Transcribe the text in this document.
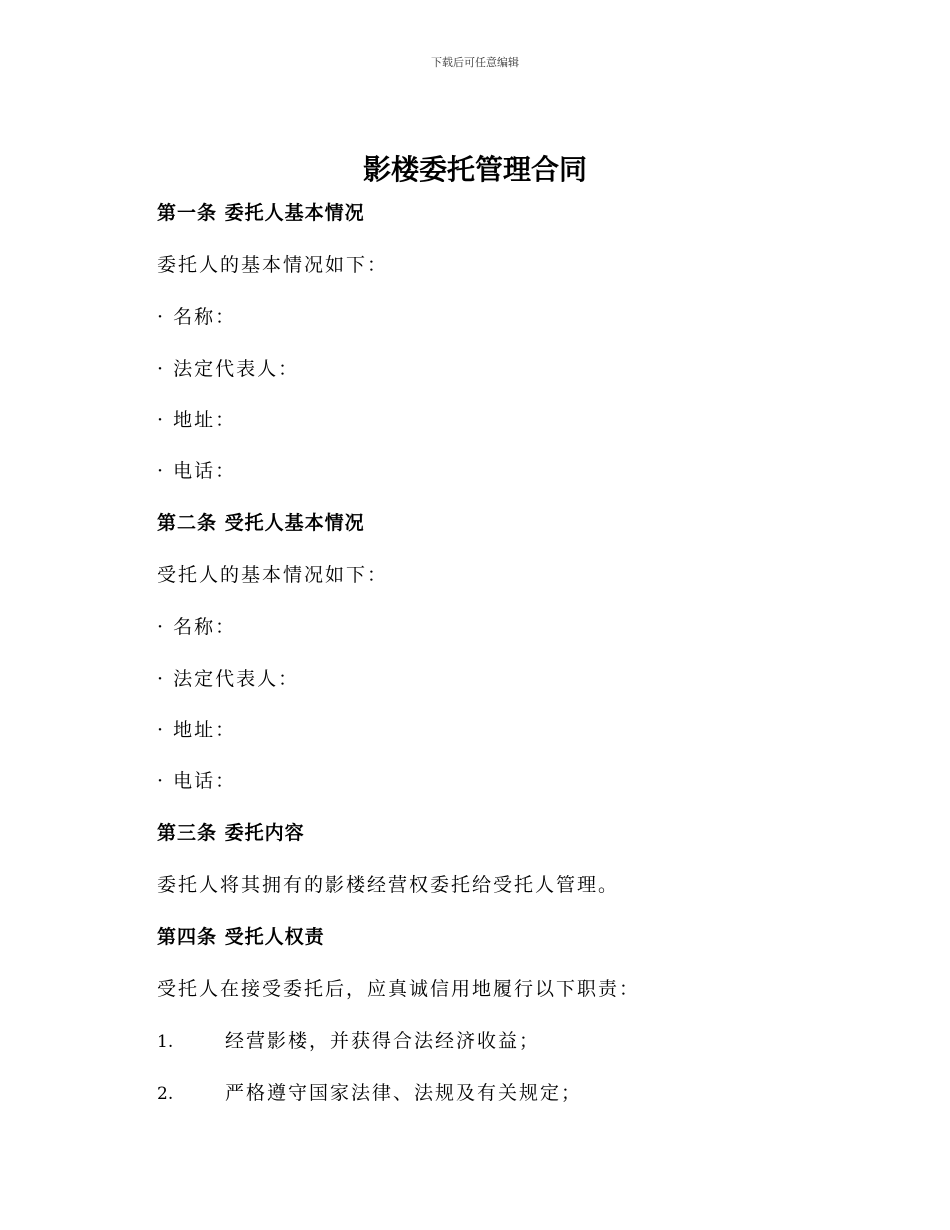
下载后可任意编辑
影楼委托管理合同
第一条 委托人基本情况
委托人的基本情况如下：
· 名称：
· 法定代表人：
· 地址：
· 电话：
第二条 受托人基本情况
受托人的基本情况如下：
· 名称：
· 法定代表人：
· 地址：
· 电话：
第三条 委托内容
委托人将其拥有的影楼经营权委托给受托人管理。
第四条 受托人权责
受托人在接受委托后，应真诚信用地履行以下职责：
1.	经营影楼，并获得合法经济收益；
2.	严格遵守国家法律、法规及有关规定；
